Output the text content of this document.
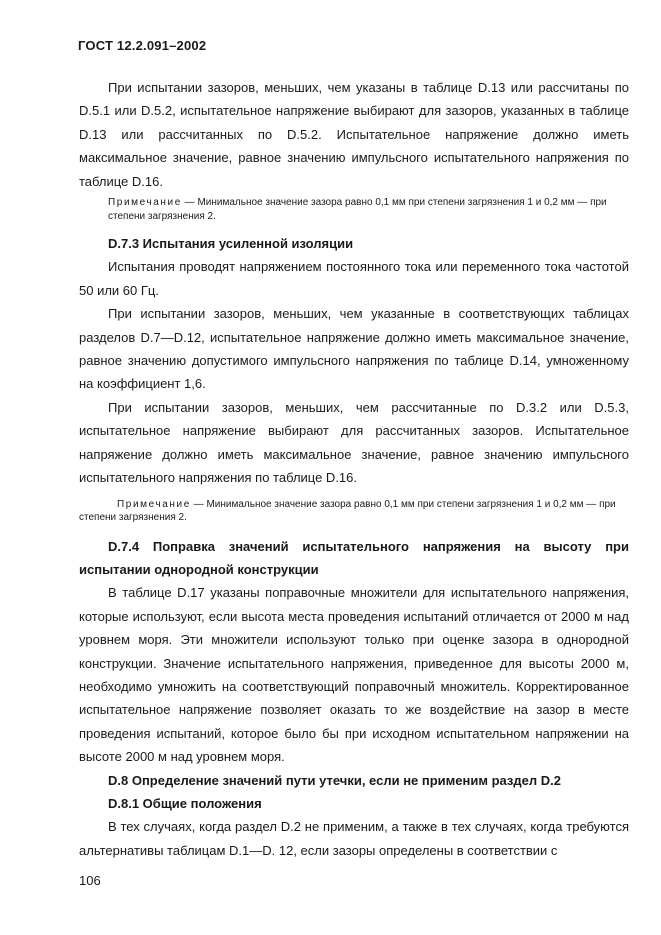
ГОСТ 12.2.091–2002

При испытании зазоров, меньших, чем указаны в таблице D.13 или рассчитаны по D.5.1 или D.5.2, испытательное напряжение выбирают для зазоров, указанных в таблице D.13 или рассчитанных по D.5.2. Испытательное напряжение должно иметь максимальное значение, равное значению импульсного испытательного напряжения по таблице D.16.

Примечание — Минимальное значение зазора равно 0,1 мм при степени загрязнения 1 и 0,2 мм — при степени загрязнения 2.

D.7.3 Испытания усиленной изоляции

Испытания проводят напряжением постоянного тока или переменного тока частотой 50 или 60 Гц.

При испытании зазоров, меньших, чем указанные в соответствующих таблицах разделов D.7—D.12, испытательное напряжение должно иметь максимальное значение, равное значению допустимого импульсного напряжения по таблице D.14, умноженному на коэффициент 1,6.

При испытании зазоров, меньших, чем рассчитанные по D.3.2 или D.5.3, испытательное напряжение выбирают для рассчитанных зазоров. Испытательное напряжение должно иметь максимальное значение, равное значению импульсного испытательного напряжения по таблице D.16.

Примечание — Минимальное значение зазора равно 0,1 мм при степени загрязнения 1 и 0,2 мм — при степени загрязнения 2.

D.7.4 Поправка значений испытательного напряжения на высоту при испытании однородной конструкции

В таблице D.17 указаны поправочные множители для испытательного напряжения, которые используют, если высота места проведения испытаний отличается от 2000 м над уровнем моря. Эти множители используют только при оценке зазора в однородной конструкции. Значение испытательного напряжения, приведенное для высоты 2000 м, необходимо умножить на соответствующий поправочный множитель. Корректированное испытательное напряжение позволяет оказать то же воздействие на зазор в месте проведения испытаний, которое было бы при исходном испытательном напряжении на высоте 2000 м над уровнем моря.

D.8 Определение значений пути утечки, если не применим раздел D.2

D.8.1 Общие положения

В тех случаях, когда раздел D.2 не применим, а также в тех случаях, когда требуются альтернативы таблицам D.1—D. 12, если зазоры определены в соответствии с

106
